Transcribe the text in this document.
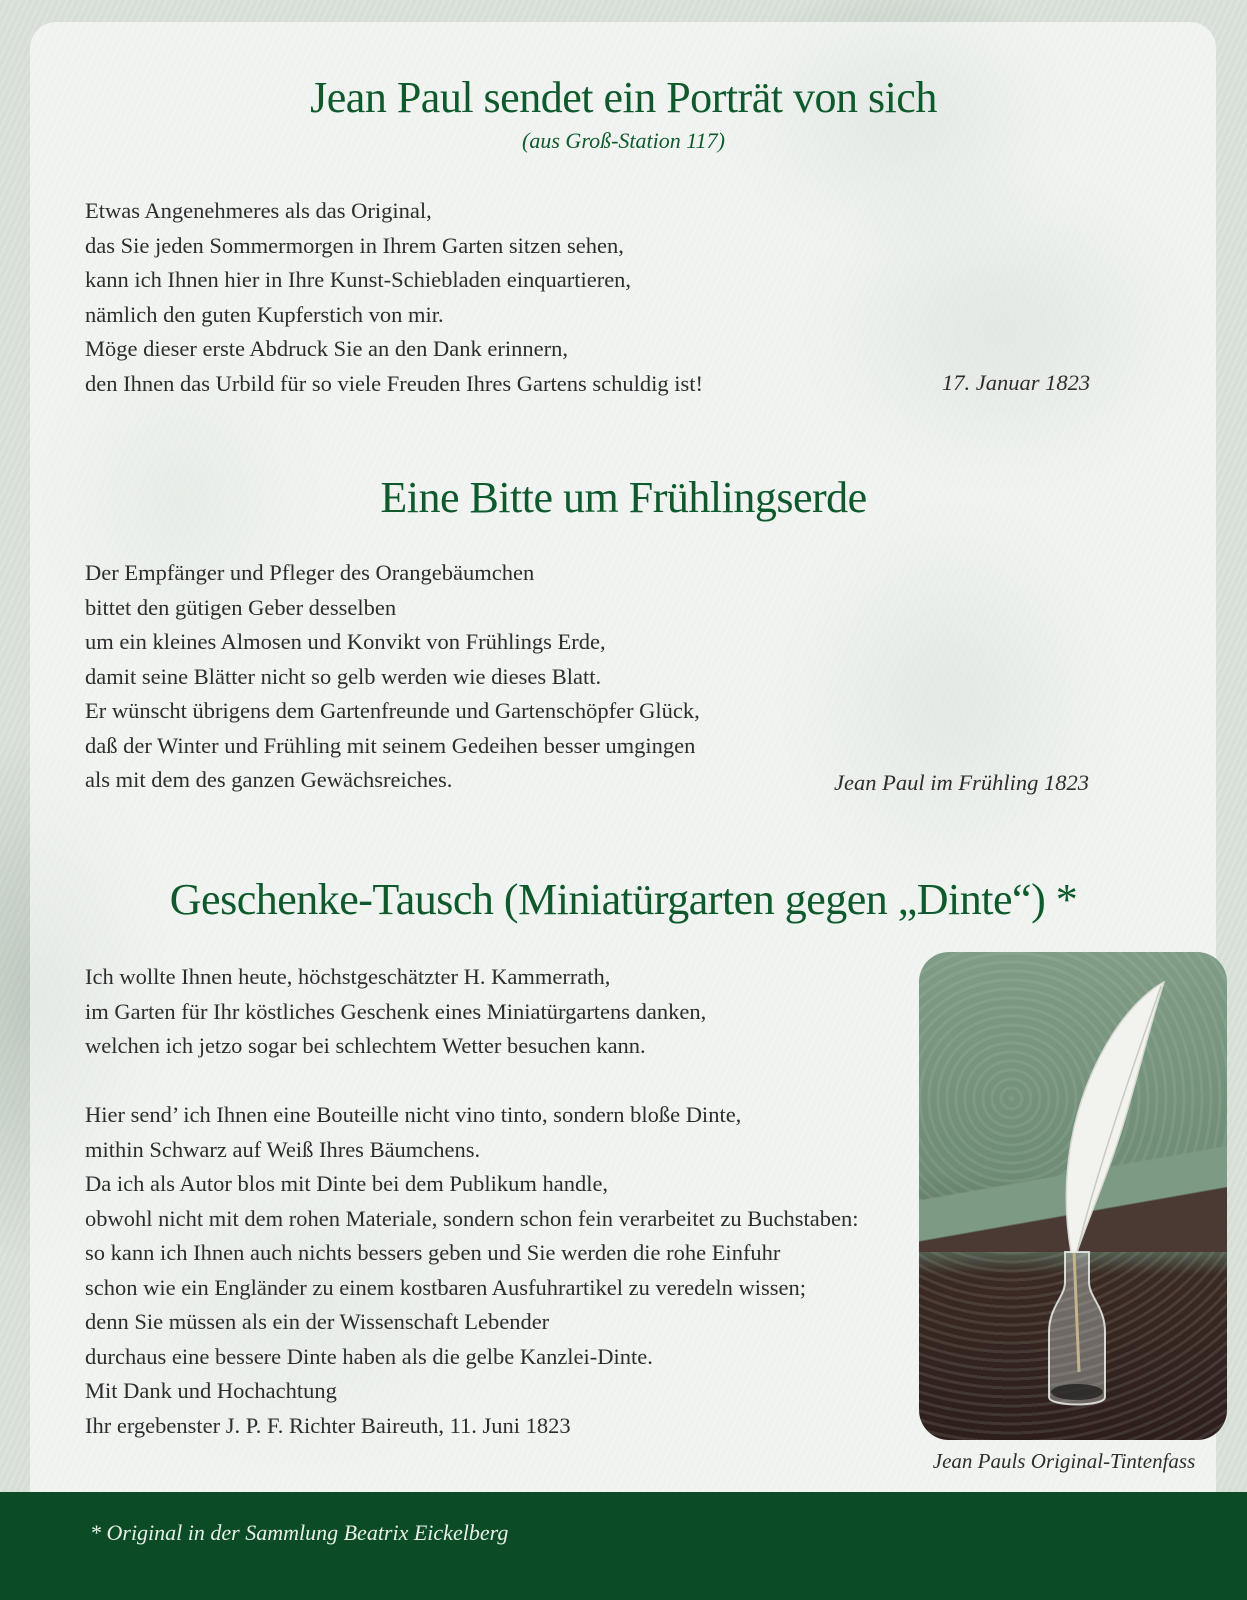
Jean Paul sendet ein Porträt von sich

(aus Groß-Station 117)

Etwas Angenehmeres als das Original,
das Sie jeden Sommermorgen in Ihrem Garten sitzen sehen,
kann ich Ihnen hier in Ihre Kunst-Schiebladen einquartieren,
nämlich den guten Kupferstich von mir.
Möge dieser erste Abdruck Sie an den Dank erinnern,
den Ihnen das Urbild für so viele Freuden Ihres Gartens schuldig ist!	17. Januar 1823
Eine Bitte um Frühlingserde
Der Empfänger und Pfleger des Orangebäumchen
bittet den gütigen Geber desselben
um ein kleines Almosen und Konvikt von Frühlings Erde,
damit seine Blätter nicht so gelb werden wie dieses Blatt.
Er wünscht übrigens dem Gartenfreunde und Gartenschöpfer Glück,
daß der Winter und Frühling mit seinem Gedeihen besser umgingen
als mit dem des ganzen Gewächsreiches.	Jean Paul im Frühling 1823
Geschenke-Tausch (Miniatürgarten gegen „Dinte“) *
Ich wollte Ihnen heute, höchstgeschätzter H. Kammerrath,
im Garten für Ihr köstliches Geschenk eines Miniatürgartens danken,
welchen ich jetzo sogar bei schlechtem Wetter besuchen kann.
Hier send’ ich Ihnen eine Bouteille nicht vino tinto, sondern bloße Dinte,
mithin Schwarz auf Weiß Ihres Bäumchens.
Da ich als Autor blos mit Dinte bei dem Publikum handle,
obwohl nicht mit dem rohen Materiale, sondern schon fein verarbeitet zu Buchstaben:
so kann ich Ihnen auch nichts bessers geben und Sie werden die rohe Einfuhr
schon wie ein Engländer zu einem kostbaren Ausfuhrartikel zu veredeln wissen;
denn Sie müssen als ein der Wissenschaft Lebender
durchaus eine bessere Dinte haben als die gelbe Kanzlei-Dinte.
Mit Dank und Hochachtung
Ihr ergebenster J. P. F. Richter Baireuth, 11. Juni 1823
Jean Pauls Original-Tintenfass
* Original in der Sammlung Beatrix Eickelberg
